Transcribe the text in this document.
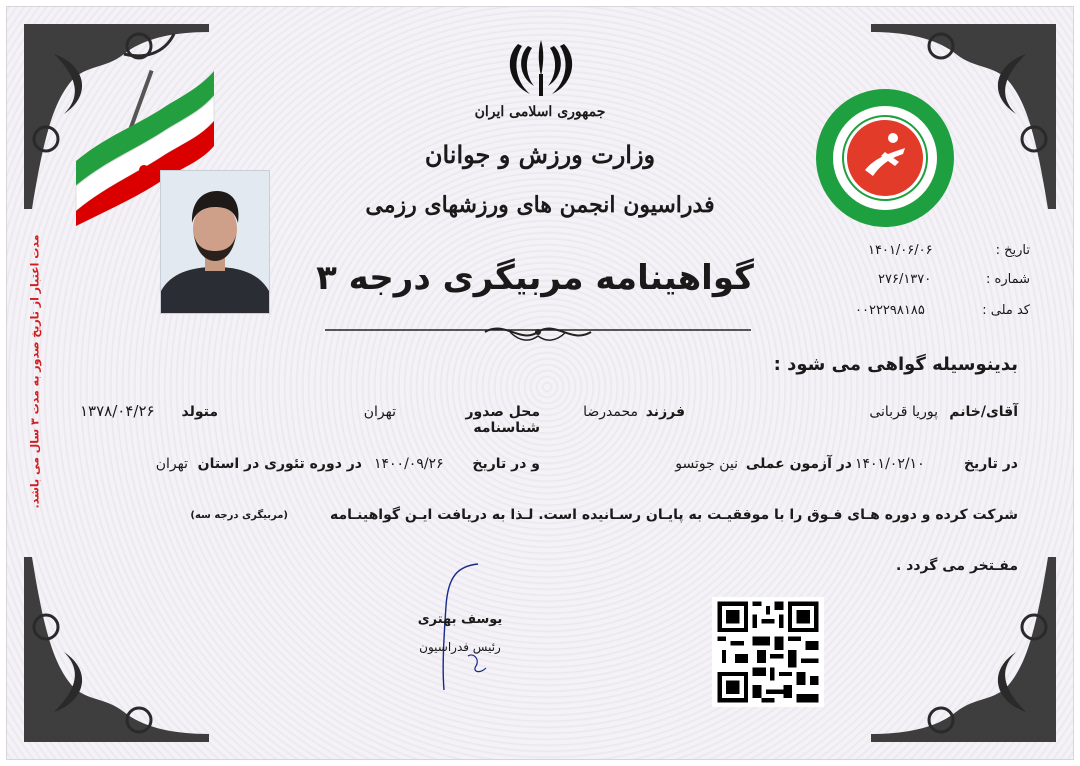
جمهوری اسلامی ایران
وزارت ورزش و جوانان
فدراسیون انجمن های ورزشهای رزمی
گواهینامه مربیگری درجه ۳
تاریخ :
۱۴۰۱/۰۶/۰۶
شماره :
۲۷۶/۱۳۷۰
کد ملی :
۰۰۲۲۲۹۸۱۸۵
مدت اعتبار از تاریخ صدور به مدت ۳ سال می باشد.	بدینوسیله گواهی می شود :
آقای/خانم
پوریا قربانی
فرزند
محمدرضا
محل صدور شناسنامه
تهران
متولد
۱۳۷۸/۰۴/۲۶
در تاریخ
۱۴۰۱/۰۲/۱۰
در آزمون عملی
نین جوتسو
و در تاریخ
۱۴۰۰/۰۹/۲۶
در دوره تئوری در استان
تهران
شرکت کرده و دوره هـای فـوق را با موفقیـت به پایـان رسـانیده است. لـذا به دریافت ایـن گواهینـامه
(مربیگری درجه سه)
مفـتخر می گردد .
یوسف بهتری
رئیس فدراسیون
